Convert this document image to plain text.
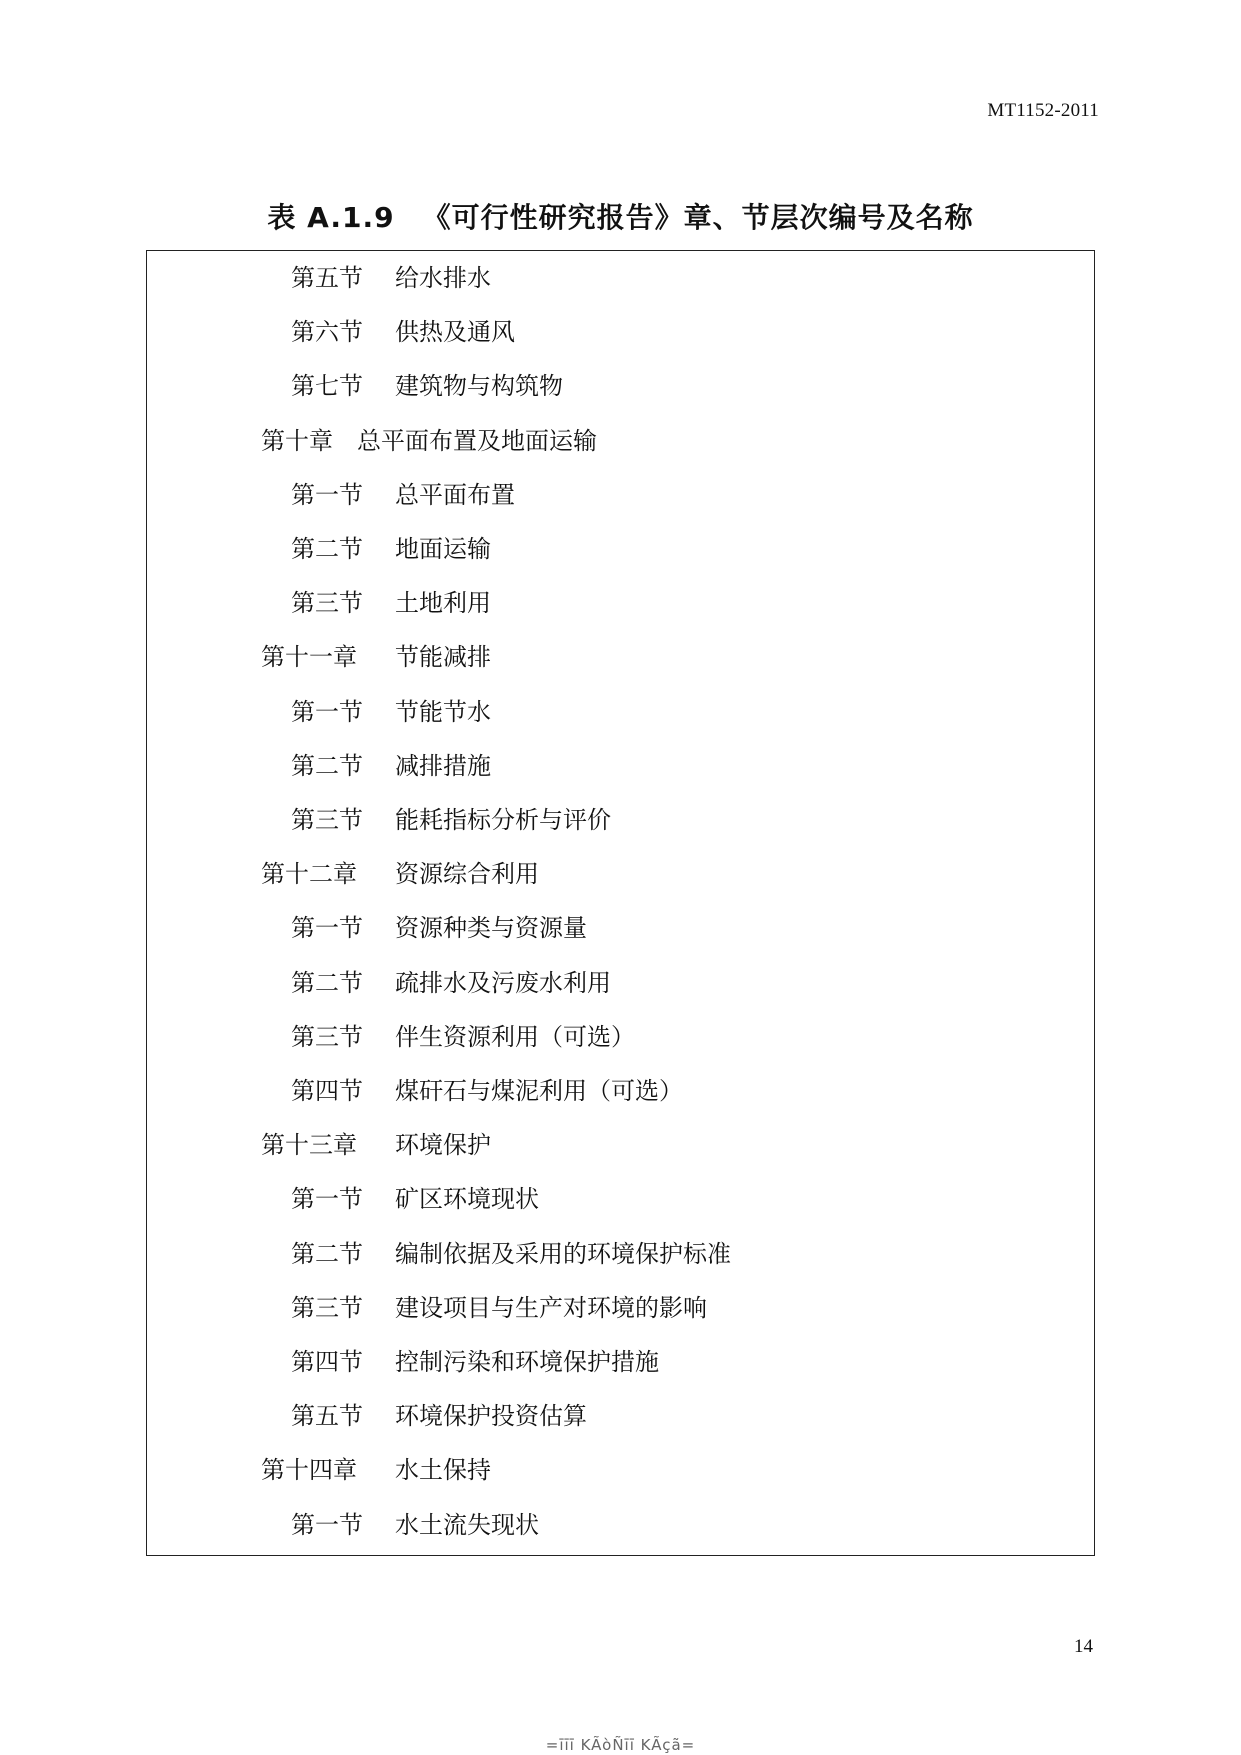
MT1152-2011
表 A.1.9 《可行性研究报告》章、节层次编号及名称
第五节 给水排水
第六节 供热及通风
第七节 建筑物与构筑物
第十章 总平面布置及地面运输
第一节 总平面布置
第二节 地面运输
第三节 土地利用
第十一章 节能减排
第一节 节能节水
第二节 减排措施
第三节 能耗指标分析与评价
第十二章 资源综合利用
第一节 资源种类与资源量
第二节 疏排水及污废水利用
第三节 伴生资源利用（可选）
第四节 煤矸石与煤泥利用（可选）
第十三章 环境保护
第一节 矿区环境现状
第二节 编制依据及采用的环境保护标准
第三节 建设项目与生产对环境的影响
第四节 控制污染和环境保护措施
第五节 环境保护投资估算
第十四章 水土保持
第一节 水土流失现状
14
=īīī KÃòÑīī KÃçã=
